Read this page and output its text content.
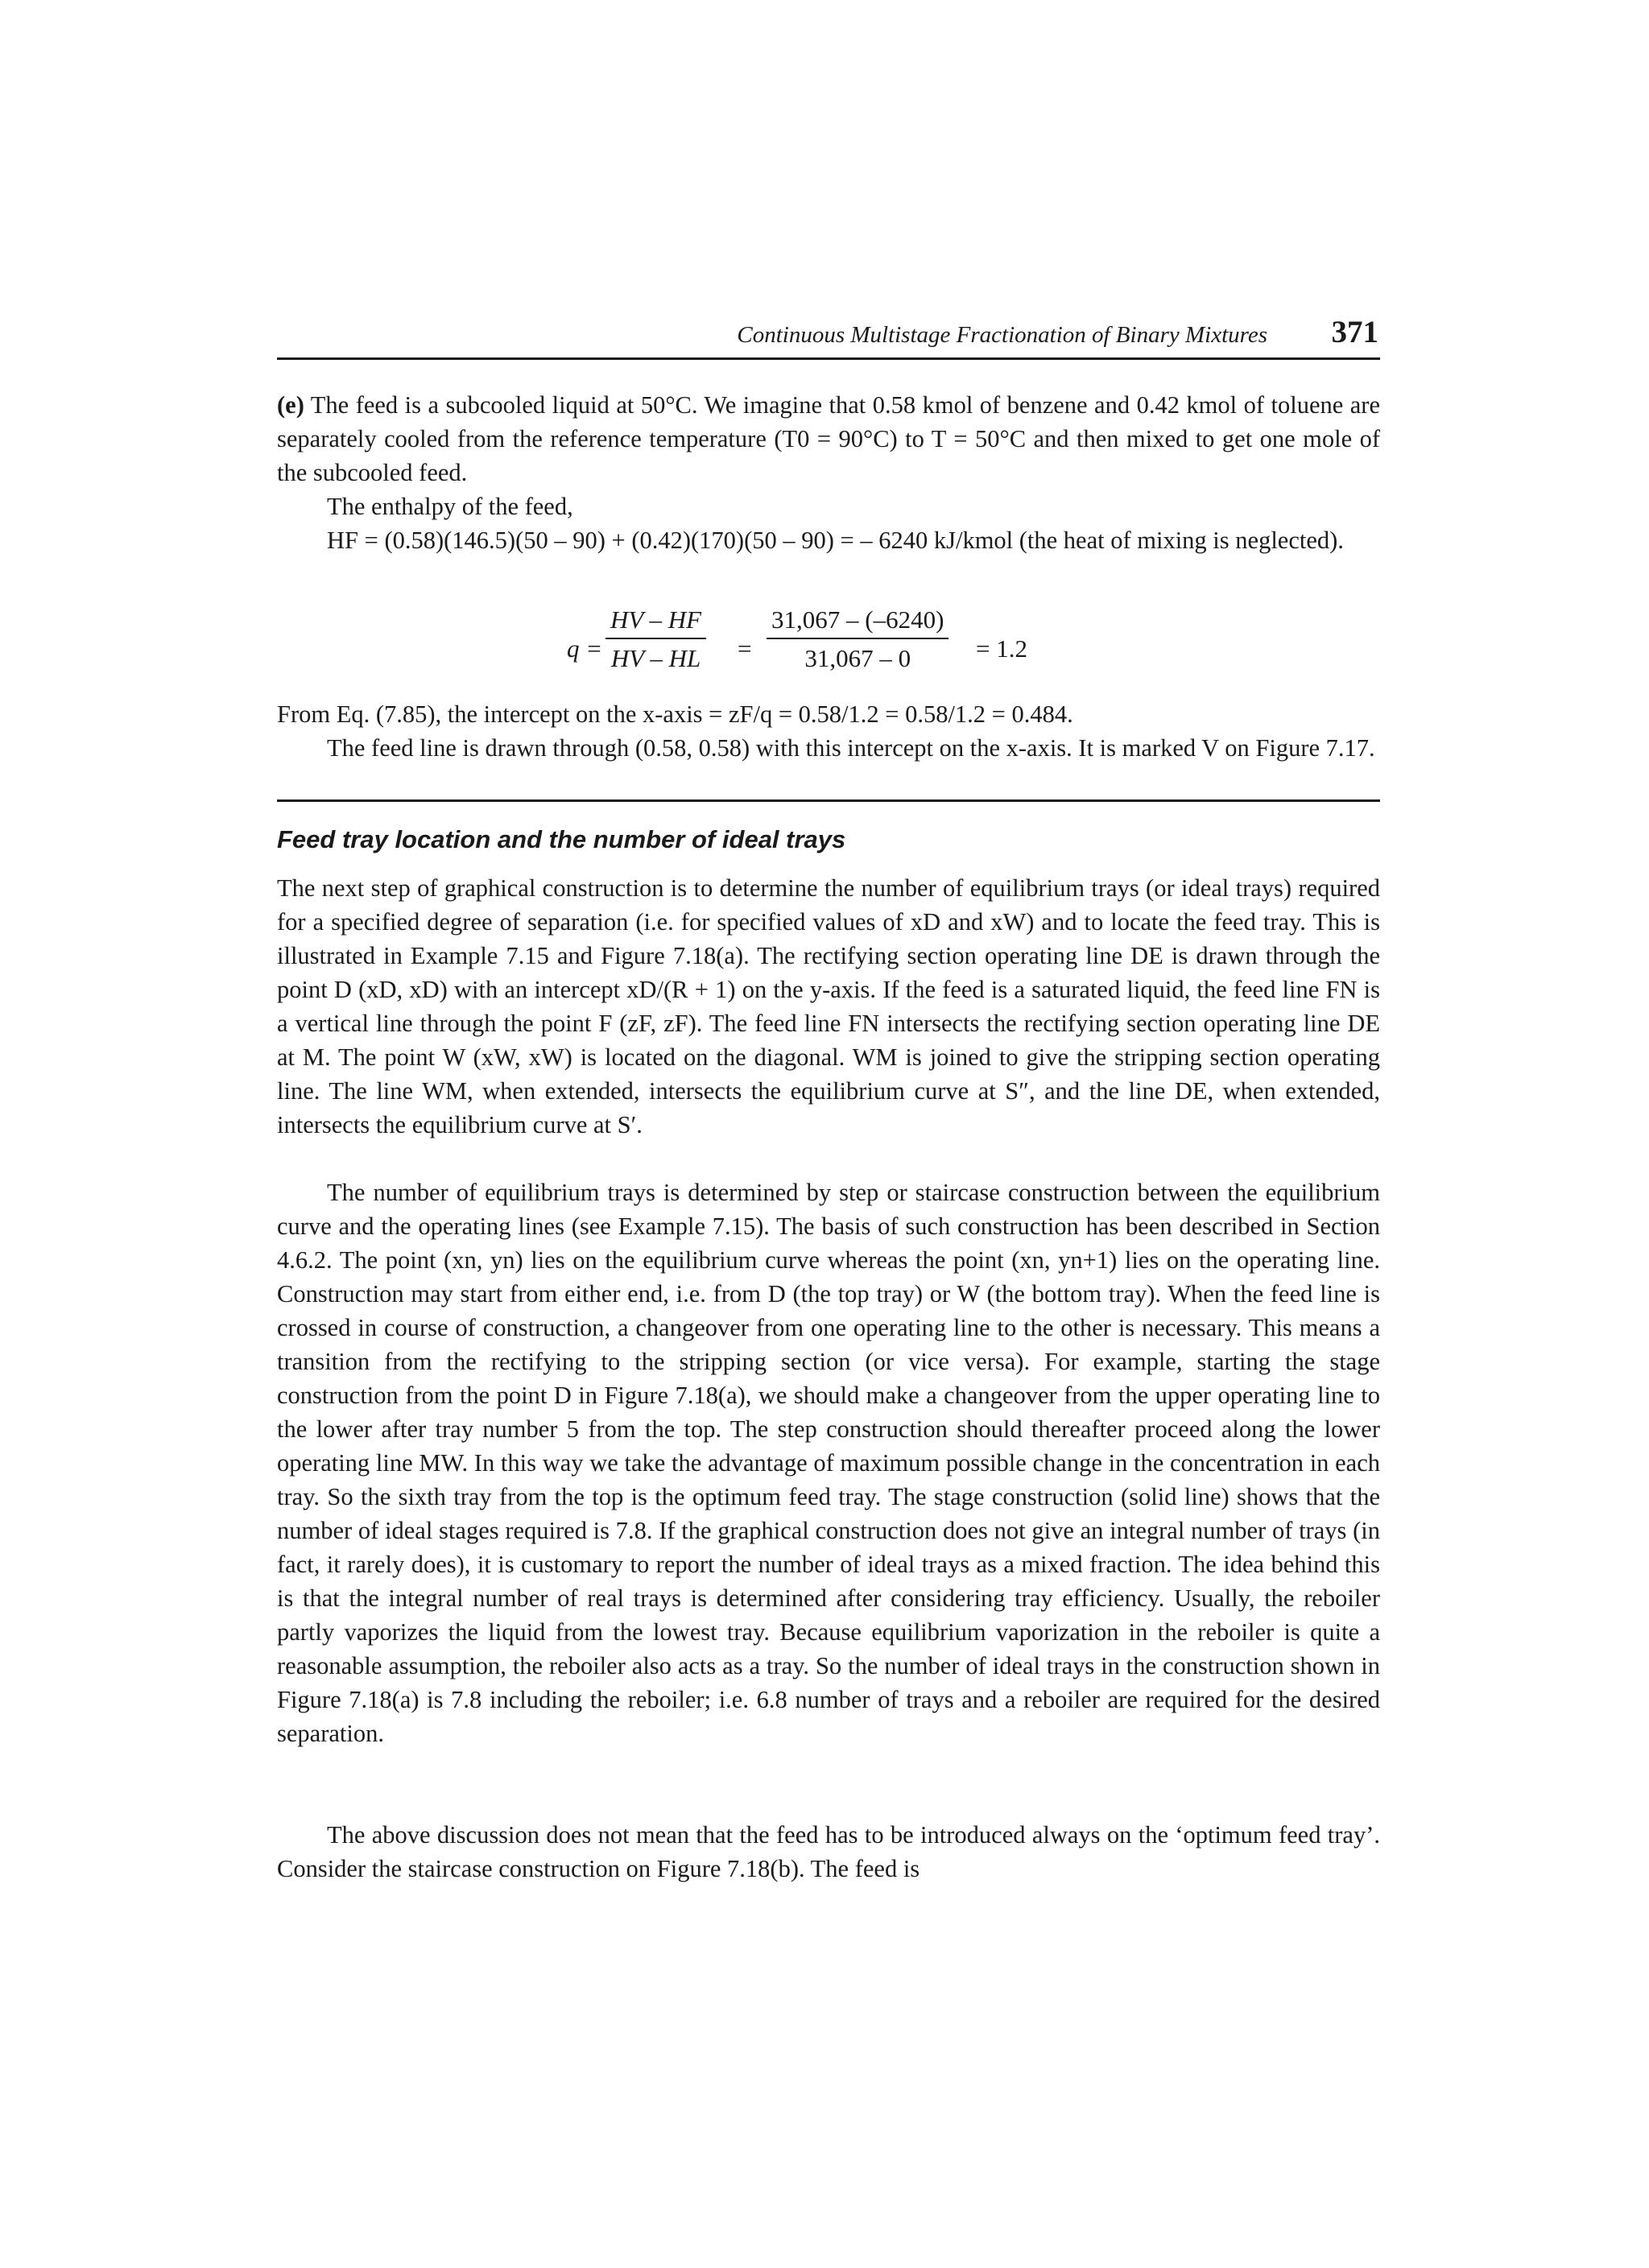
Continuous Multistage Fractionation of Binary Mixtures 371
(e) The feed is a subcooled liquid at 50°C. We imagine that 0.58 kmol of benzene and 0.42 kmol of toluene are separately cooled from the reference temperature (T0 = 90°C) to T = 50°C and then mixed to get one mole of the subcooled feed.
The enthalpy of the feed,
HF = (0.58)(146.5)(50 – 90) + (0.42)(170)(50 – 90) = – 6240 kJ/kmol (the heat of mixing is neglected).
$q = \frac{HV - HF}{HV - HL} = \frac{31,067 - (-6240)}{31,067 - 0} = 1.2$
From Eq. (7.85), the intercept on the x-axis = zF/q = 0.58/1.2 = 0.58/1.2 = 0.484.
The feed line is drawn through (0.58, 0.58) with this intercept on the x-axis. It is marked V on Figure 7.17.
Feed tray location and the number of ideal trays
The next step of graphical construction is to determine the number of equilibrium trays (or ideal trays) required for a specified degree of separation (i.e. for specified values of xD and xW) and to locate the feed tray. This is illustrated in Example 7.15 and Figure 7.18(a). The rectifying section operating line DE is drawn through the point D (xD, xD) with an intercept xD/(R + 1) on the y-axis. If the feed is a saturated liquid, the feed line FN is a vertical line through the point F (zF, zF). The feed line FN intersects the rectifying section operating line DE at M. The point W (xW, xW) is located on the diagonal. WM is joined to give the stripping section operating line. The line WM, when extended, intersects the equilibrium curve at S″, and the line DE, when extended, intersects the equilibrium curve at S′.
The number of equilibrium trays is determined by step or staircase construction between the equilibrium curve and the operating lines (see Example 7.15). The basis of such construction has been described in Section 4.6.2. The point (xn, yn) lies on the equilibrium curve whereas the point (xn, yn+1) lies on the operating line. Construction may start from either end, i.e. from D (the top tray) or W (the bottom tray). When the feed line is crossed in course of construction, a changeover from one operating line to the other is necessary. This means a transition from the rectifying to the stripping section (or vice versa). For example, starting the stage construction from the point D in Figure 7.18(a), we should make a changeover from the upper operating line to the lower after tray number 5 from the top. The step construction should thereafter proceed along the lower operating line MW. In this way we take the advantage of maximum possible change in the concentration in each tray. So the sixth tray from the top is the optimum feed tray. The stage construction (solid line) shows that the number of ideal stages required is 7.8. If the graphical construction does not give an integral number of trays (in fact, it rarely does), it is customary to report the number of ideal trays as a mixed fraction. The idea behind this is that the integral number of real trays is determined after considering tray efficiency. Usually, the reboiler partly vaporizes the liquid from the lowest tray. Because equilibrium vaporization in the reboiler is quite a reasonable assumption, the reboiler also acts as a tray. So the number of ideal trays in the construction shown in Figure 7.18(a) is 7.8 including the reboiler; i.e. 6.8 number of trays and a reboiler are required for the desired separation.
The above discussion does not mean that the feed has to be introduced always on the ‘optimum feed tray’. Consider the staircase construction on Figure 7.18(b). The feed is
